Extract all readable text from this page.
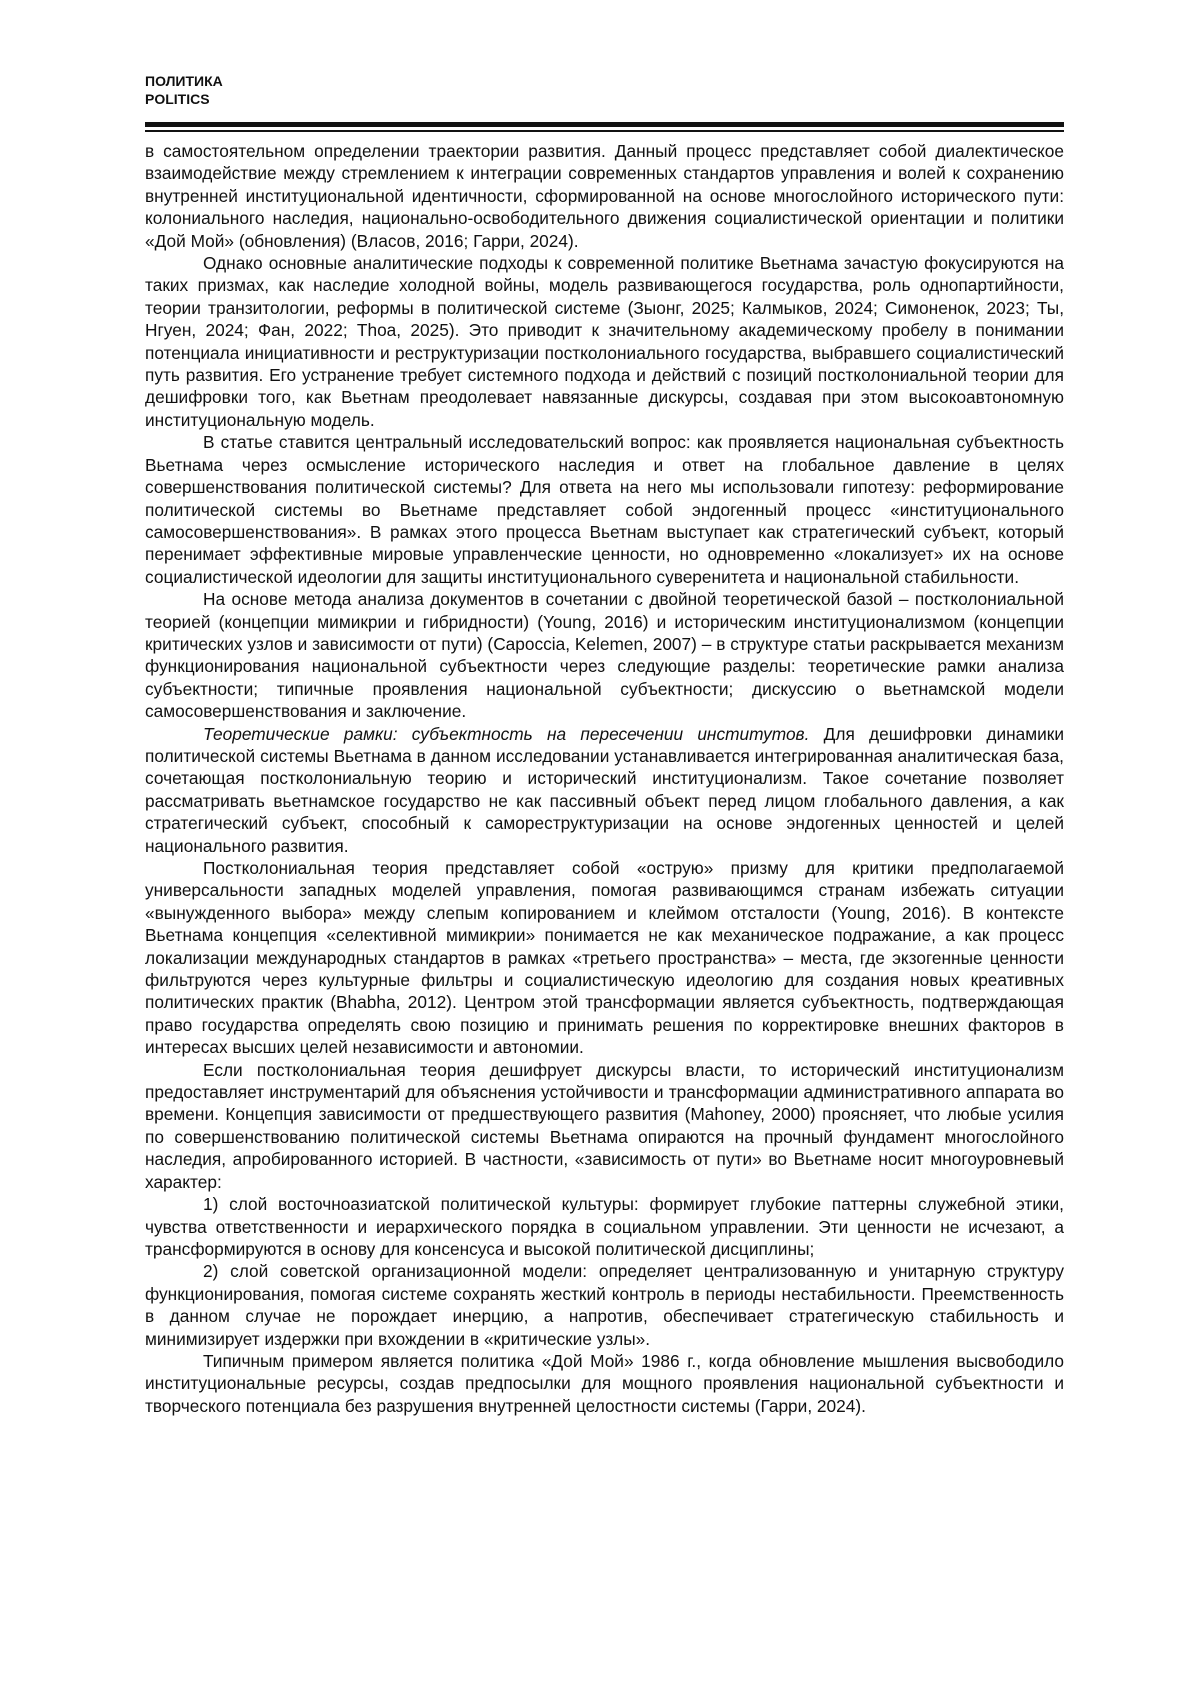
ПОЛИТИКА
POLITICS

в самостоятельном определении траектории развития. Данный процесс представляет собой диалектическое взаимодействие между стремлением к интеграции современных стандартов управления и волей к сохранению внутренней институциональной идентичности, сформированной на основе многослойного исторического пути: колониального наследия, национально-освободительного движения социалистической ориентации и политики «Дой Мой» (обновления) (Власов, 2016; Гарри, 2024).

Однако основные аналитические подходы к современной политике Вьетнама зачастую фокусируются на таких призмах, как наследие холодной войны, модель развивающегося государства, роль однопартийности, теории транзитологии, реформы в политической системе (Зыонг, 2025; Калмыков, 2024; Симоненок, 2023; Ты, Нгуен, 2024; Фан, 2022; Thoa, 2025). Это приводит к значительному академическому пробелу в понимании потенциала инициативности и реструктуризации постколониального государства, выбравшего социалистический путь развития. Его устранение требует системного подхода и действий с позиций постколониальной теории для дешифровки того, как Вьетнам преодолевает навязанные дискурсы, создавая при этом высокоавтономную институциональную модель.

В статье ставится центральный исследовательский вопрос: как проявляется национальная субъектность Вьетнама через осмысление исторического наследия и ответ на глобальное давление в целях совершенствования политической системы? Для ответа на него мы использовали гипотезу: реформирование политической системы во Вьетнаме представляет собой эндогенный процесс «институционального самосовершенствования». В рамках этого процесса Вьетнам выступает как стратегический субъект, который перенимает эффективные мировые управленческие ценности, но одновременно «локализует» их на основе социалистической идеологии для защиты институционального суверенитета и национальной стабильности.

На основе метода анализа документов в сочетании с двойной теоретической базой – постколониальной теорией (концепции мимикрии и гибридности) (Young, 2016) и историческим институционализмом (концепции критических узлов и зависимости от пути) (Capoccia, Kelemen, 2007) – в структуре статьи раскрывается механизм функционирования национальной субъектности через следующие разделы: теоретические рамки анализа субъектности; типичные проявления национальной субъектности; дискуссию о вьетнамской модели самосовершенствования и заключение.

Теоретические рамки: субъектность на пересечении институтов. Для дешифровки динамики политической системы Вьетнама в данном исследовании устанавливается интегрированная аналитическая база, сочетающая постколониальную теорию и исторический институционализм. Такое сочетание позволяет рассматривать вьетнамское государство не как пассивный объект перед лицом глобального давления, а как стратегический субъект, способный к самореструктуризации на основе эндогенных ценностей и целей национального развития.

Постколониальная теория представляет собой «острую» призму для критики предполагаемой универсальности западных моделей управления, помогая развивающимся странам избежать ситуации «вынужденного выбора» между слепым копированием и клеймом отсталости (Young, 2016). В контексте Вьетнама концепция «селективной мимикрии» понимается не как механическое подражание, а как процесс локализации международных стандартов в рамках «третьего пространства» – места, где экзогенные ценности фильтруются через культурные фильтры и социалистическую идеологию для создания новых креативных политических практик (Bhabha, 2012). Центром этой трансформации является субъектность, подтверждающая право государства определять свою позицию и принимать решения по корректировке внешних факторов в интересах высших целей независимости и автономии.

Если постколониальная теория дешифрует дискурсы власти, то исторический институционализм предоставляет инструментарий для объяснения устойчивости и трансформации административного аппарата во времени. Концепция зависимости от предшествующего развития (Mahoney, 2000) проясняет, что любые усилия по совершенствованию политической системы Вьетнама опираются на прочный фундамент многослойного наследия, апробированного историей. В частности, «зависимость от пути» во Вьетнаме носит многоуровневый характер:

1) слой восточноазиатской политической культуры: формирует глубокие паттерны служебной этики, чувства ответственности и иерархического порядка в социальном управлении. Эти ценности не исчезают, а трансформируются в основу для консенсуса и высокой политической дисциплины;

2) слой советской организационной модели: определяет централизованную и унитарную структуру функционирования, помогая системе сохранять жесткий контроль в периоды нестабильности. Преемственность в данном случае не порождает инерцию, а напротив, обеспечивает стратегическую стабильность и минимизирует издержки при вхождении в «критические узлы».

Типичным примером является политика «Дой Мой» 1986 г., когда обновление мышления высвободило институциональные ресурсы, создав предпосылки для мощного проявления национальной субъектности и творческого потенциала без разрушения внутренней целостности системы (Гарри, 2024).
